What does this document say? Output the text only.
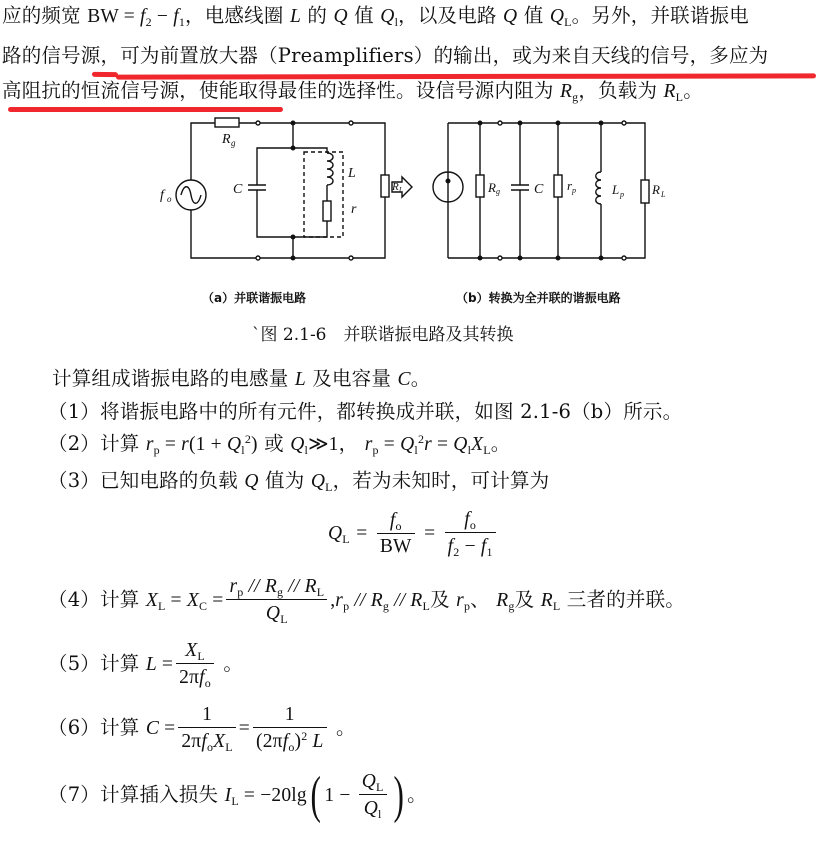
应的频宽 BW = $f_2 - f_1$，电感线圈 L 的 Q 值 $Q_l$，以及电路 Q 值 $Q_L$。另外，并联谐振电
路的信号源，可为前置放大器（Preamplifiers）的输出，或为来自天线的信号，多应为
高阻抗的恒流信号源，使能取得最佳的选择性。设信号源内阻为 $R_g$，负载为 $R_L$。
f o
R g
C
L
r
R L	R g C r p	L p R L
（a）并联谐振电路	（b）转换为全并联的谐振电路
`图 2.1-6　并联谐振电路及其转换
计算组成谐振电路的电感量 L 及电容量 C。
（1）将谐振电路中的所有元件，都转换成并联，如图 2.1-6（b）所示。
（2）计算 $r_p = r(1 + Q_l^2)$ 或 $Q_l≫1$， $r_p = Q_l^2r = Q_lX_L$。
（3）已知电路的负载 Q 值为 $Q_L$，若为未知时，可计算为
$Q_L = \frac{f_o}{BW} = \frac{f_o}{f_2 - f_1}$
（4）计算 $X_L = X_C = \frac{r_p // R_g // R_L}{Q_L} ,r_p // R_g // R_L$及 $r_p$、 $R_g$及 $R_L$ 三者的并联。
（5）计算 $L = \frac{X_L}{2\pi f_o}$ 。
（6）计算 $C = \frac{1}{2\pi f_oX_L} = \frac{1}{(2\pi f_o)^2 L}$ 。
（7）计算插入损失 $I_L = -20\lg$( $1 - \frac{Q_L}{Q_l}$ ) 。
